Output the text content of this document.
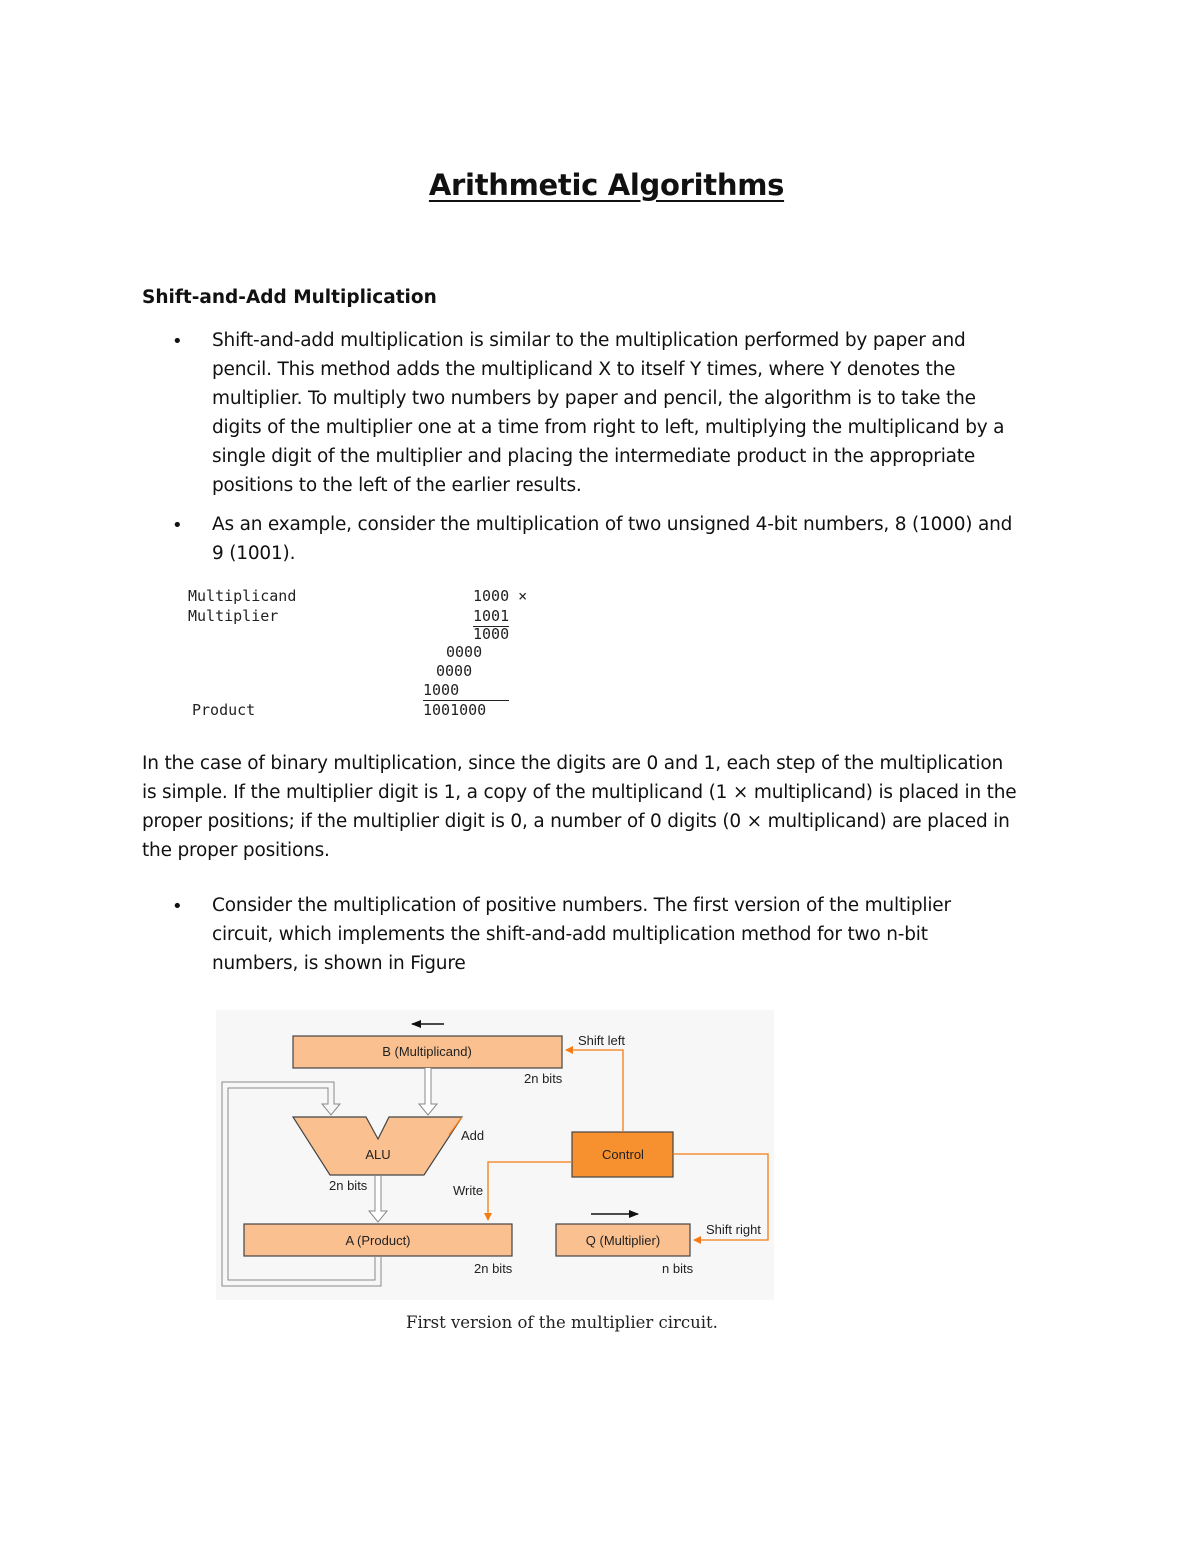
Arithmetic Algorithms
Shift-and-Add Multiplication
• Shift-and-add multiplication is similar to the multiplication performed by paper and
pencil. This method adds the multiplicand X to itself Y times, where Y denotes the
multiplier. To multiply two numbers by paper and pencil, the algorithm is to take the
digits of the multiplier one at a time from right to left, multiplying the multiplicand by a
single digit of the multiplier and placing the intermediate product in the appropriate
positions to the left of the earlier results.
• As an example, consider the multiplication of two unsigned 4-bit numbers, 8 (1000) and
9 (1001).
Multiplicand
Multiplier
1000 ×
1001
1000
0000
0000
1000
Product	1001000
In the case of binary multiplication, since the digits are 0 and 1, each step of the multiplication
is simple. If the multiplier digit is 1, a copy of the multiplicand (1 × multiplicand) is placed in the
proper positions; if the multiplier digit is 0, a number of 0 digits (0 × multiplicand) are placed in
the proper positions.
• Consider the multiplication of positive numbers. The first version of the multiplier
circuit, which implements the shift-and-add multiplication method for two n-bit
numbers, is shown in Figure
B (Multiplicand)
2n bits
Control
ALU
2n bits
A (Product)
2n bits
Q (Multiplier)
n bits
Shift left
Add
Write
Shift right
First version of the multiplier circuit.
